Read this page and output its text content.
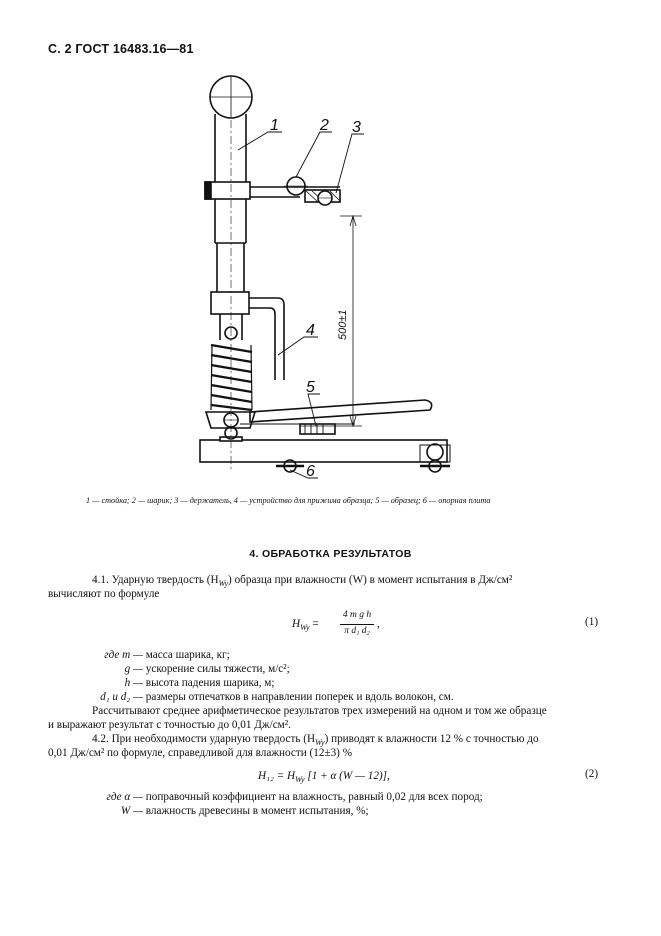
С. 2 ГОСТ 16483.16—81
1	2 3
4
5
6
500±1
1 — стойка; 2 — шарик; 3 — держатель, 4 — устройство для прижима образца; 5 — образец; 6 — опорная плита
4. ОБРАБОТКА РЕЗУЛЬТАТОВ
4.1. Ударную твердость $(H_{Wy})$ образца при влажности (W) в момент испытания в Дж/см²
вычисляют по формуле
$H_{Wy}$ =
4 m g h
π d₁ d₂
,	(1)
где m — масса шарика, кг;
g — ускорение силы тяжести, м/с²;
h — высота падения шарика, м;
d₁ и d₂ — размеры отпечатков в направлении поперек и вдоль волокон, см.
Рассчитывают среднее арифметическое результатов трех измерений на одном и том же образце
и выражают результат с точностью до 0,01 Дж/см².
4.2. При необходимости ударную твердость $(H_{Wy})$ приводят к влажности 12 % с точностью до
0,01 Дж/см² по формуле, справедливой для влажности (12±3) %
$H_{12} = H_{Wy}$ [1 + α (W — 12)],	(2)
где α — поправочный коэффициент на влажность, равный 0,02 для всех пород;
W — влажность древесины в момент испытания, %;
